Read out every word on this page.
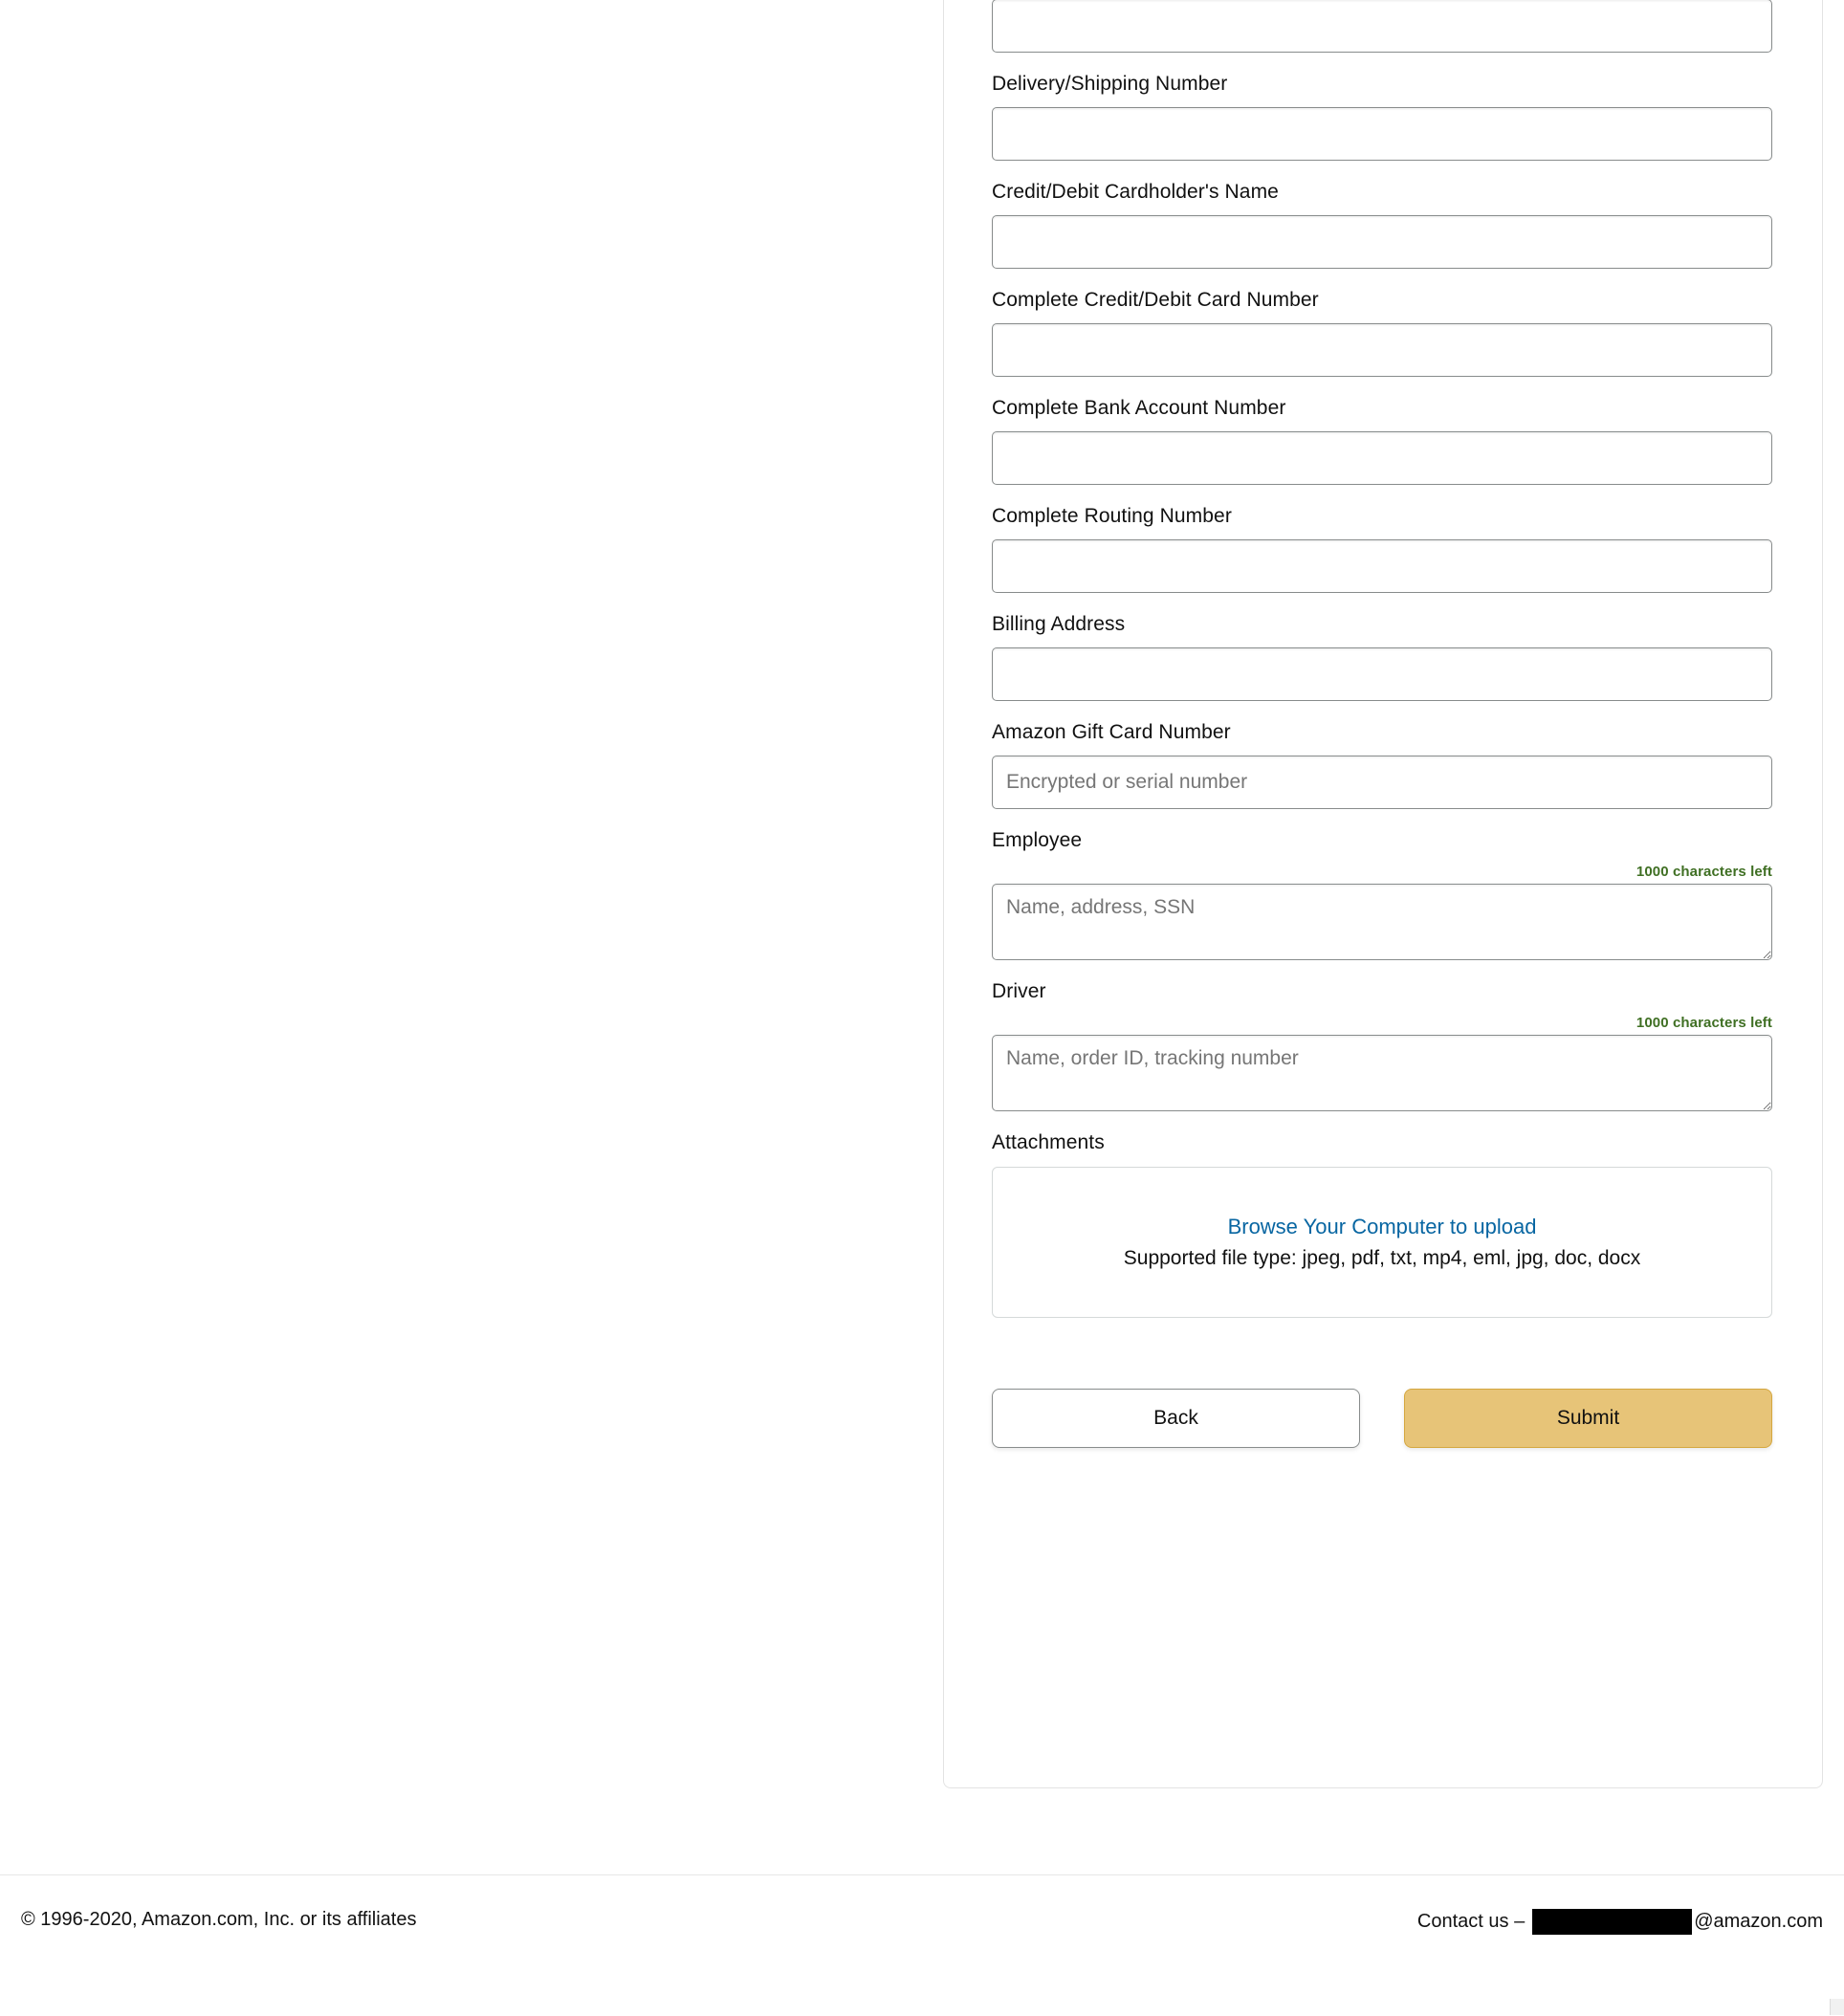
Delivery/Shipping Number
Credit/Debit Cardholder's Name
Complete Credit/Debit Card Number
Complete Bank Account Number
Complete Routing Number
Billing Address
Amazon Gift Card Number
Encrypted or serial number
Employee
1000 characters left
Name, address, SSN
Driver
1000 characters left
Name, order ID, tracking number
Attachments
Browse Your Computer to upload
Supported file type: jpeg, pdf, txt, mp4, eml, jpg, doc, docx
Back	Submit
© 1996-2020, Amazon.com, Inc. or its affiliates	Contact us –	@amazon.com
